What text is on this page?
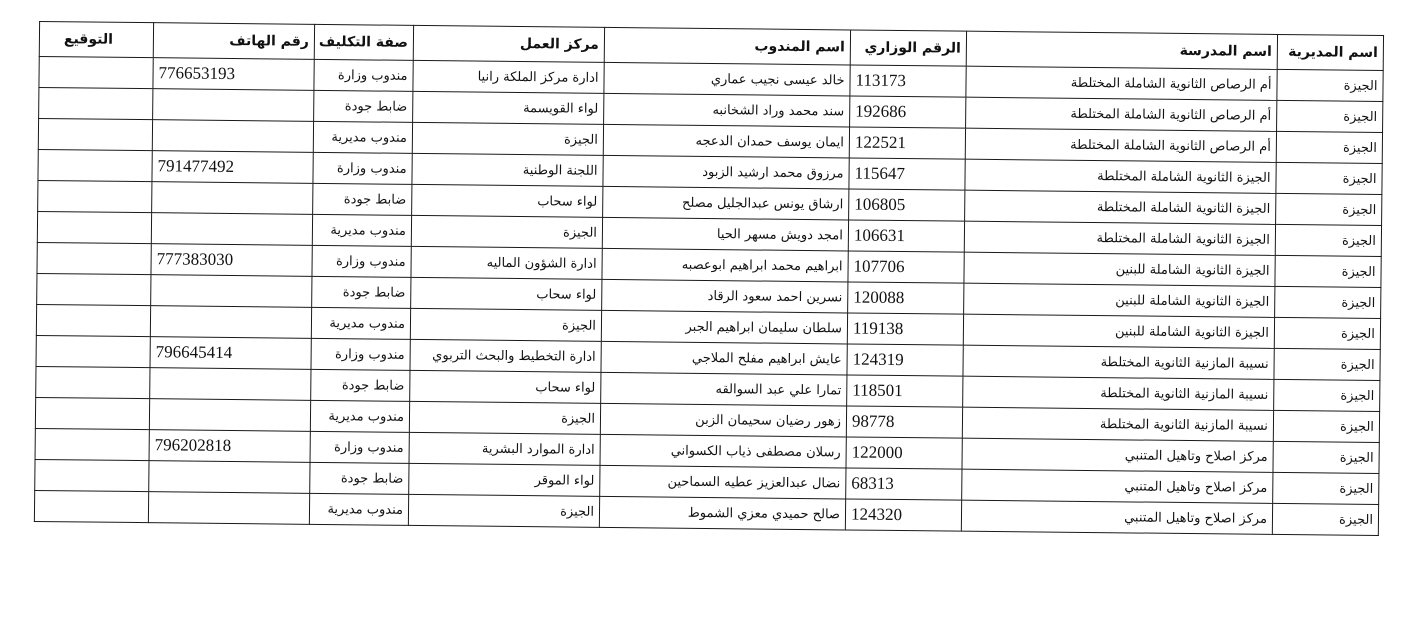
اسم المديرية	اسم المدرسة	الرقم الوزاري	اسم المندوب	مركز العمل	صفة التكليف	رقم الهاتف	التوقيع
الجيزة	أم الرصاص الثانوية الشاملة المختلطة	113173	خالد عيسى نجيب عماري	ادارة مركز الملكة رانيا	مندوب وزارة	776653193	
الجيزة	أم الرصاص الثانوية الشاملة المختلطة	192686	سند محمد وراد الشخانبه	لواء القويسمة	ضابط جودة		
الجيزة	أم الرصاص الثانوية الشاملة المختلطة	122521	ايمان يوسف حمدان الدعجه	الجيزة	مندوب مديرية		
الجيزة	الجيزة الثانوية الشاملة المختلطة	115647	مرزوق محمد ارشيد الزبود	اللجنة الوطنية	مندوب وزارة	791477492	
الجيزة	الجيزة الثانوية الشاملة المختلطة	106805	ارشاق يونس عبدالجليل مصلح	لواء سحاب	ضابط جودة		
الجيزة	الجيزة الثانوية الشاملة المختلطة	106631	امجد دويش مسهر الحيا	الجيزة	مندوب مديرية		
الجيزة	الجيزة الثانوية الشاملة للبنين	107706	ابراهيم محمد ابراهيم ابوعصبه	ادارة الشؤون الماليه	مندوب وزارة	777383030	
الجيزة	الجيزة الثانوية الشاملة للبنين	120088	نسرين احمد سعود الرقاد	لواء سحاب	ضابط جودة		
الجيزة	الجيزة الثانوية الشاملة للبنين	119138	سلطان سليمان ابراهيم الجبر	الجيزة	مندوب مديرية		
الجيزة	نسيبة المازنية الثانوية المختلطة	124319	عايش ابراهيم مفلح الملاجي	ادارة التخطيط والبحث التربوي	مندوب وزارة	796645414	
الجيزة	نسيبة المازنية الثانوية المختلطة	118501	تمارا علي عبد السوالقه	لواء سحاب	ضابط جودة		
الجيزة	نسيبة المازنية الثانوية المختلطة	98778	زهور رضيان سحيمان الزبن	الجيزة	مندوب مديرية		
الجيزة	مركز اصلاح وتاهيل المتنبي	122000	رسلان مصطفى ذياب الكسواني	ادارة الموارد البشرية	مندوب وزارة	796202818	
الجيزة	مركز اصلاح وتاهيل المتنبي	68313	نضال عبدالعزيز عطيه السماحين	لواء الموقر	ضابط جودة		
الجيزة	مركز اصلاح وتاهيل المتنبي	124320	صالح حميدي معزي الشموط	الجيزة	مندوب مديرية		
